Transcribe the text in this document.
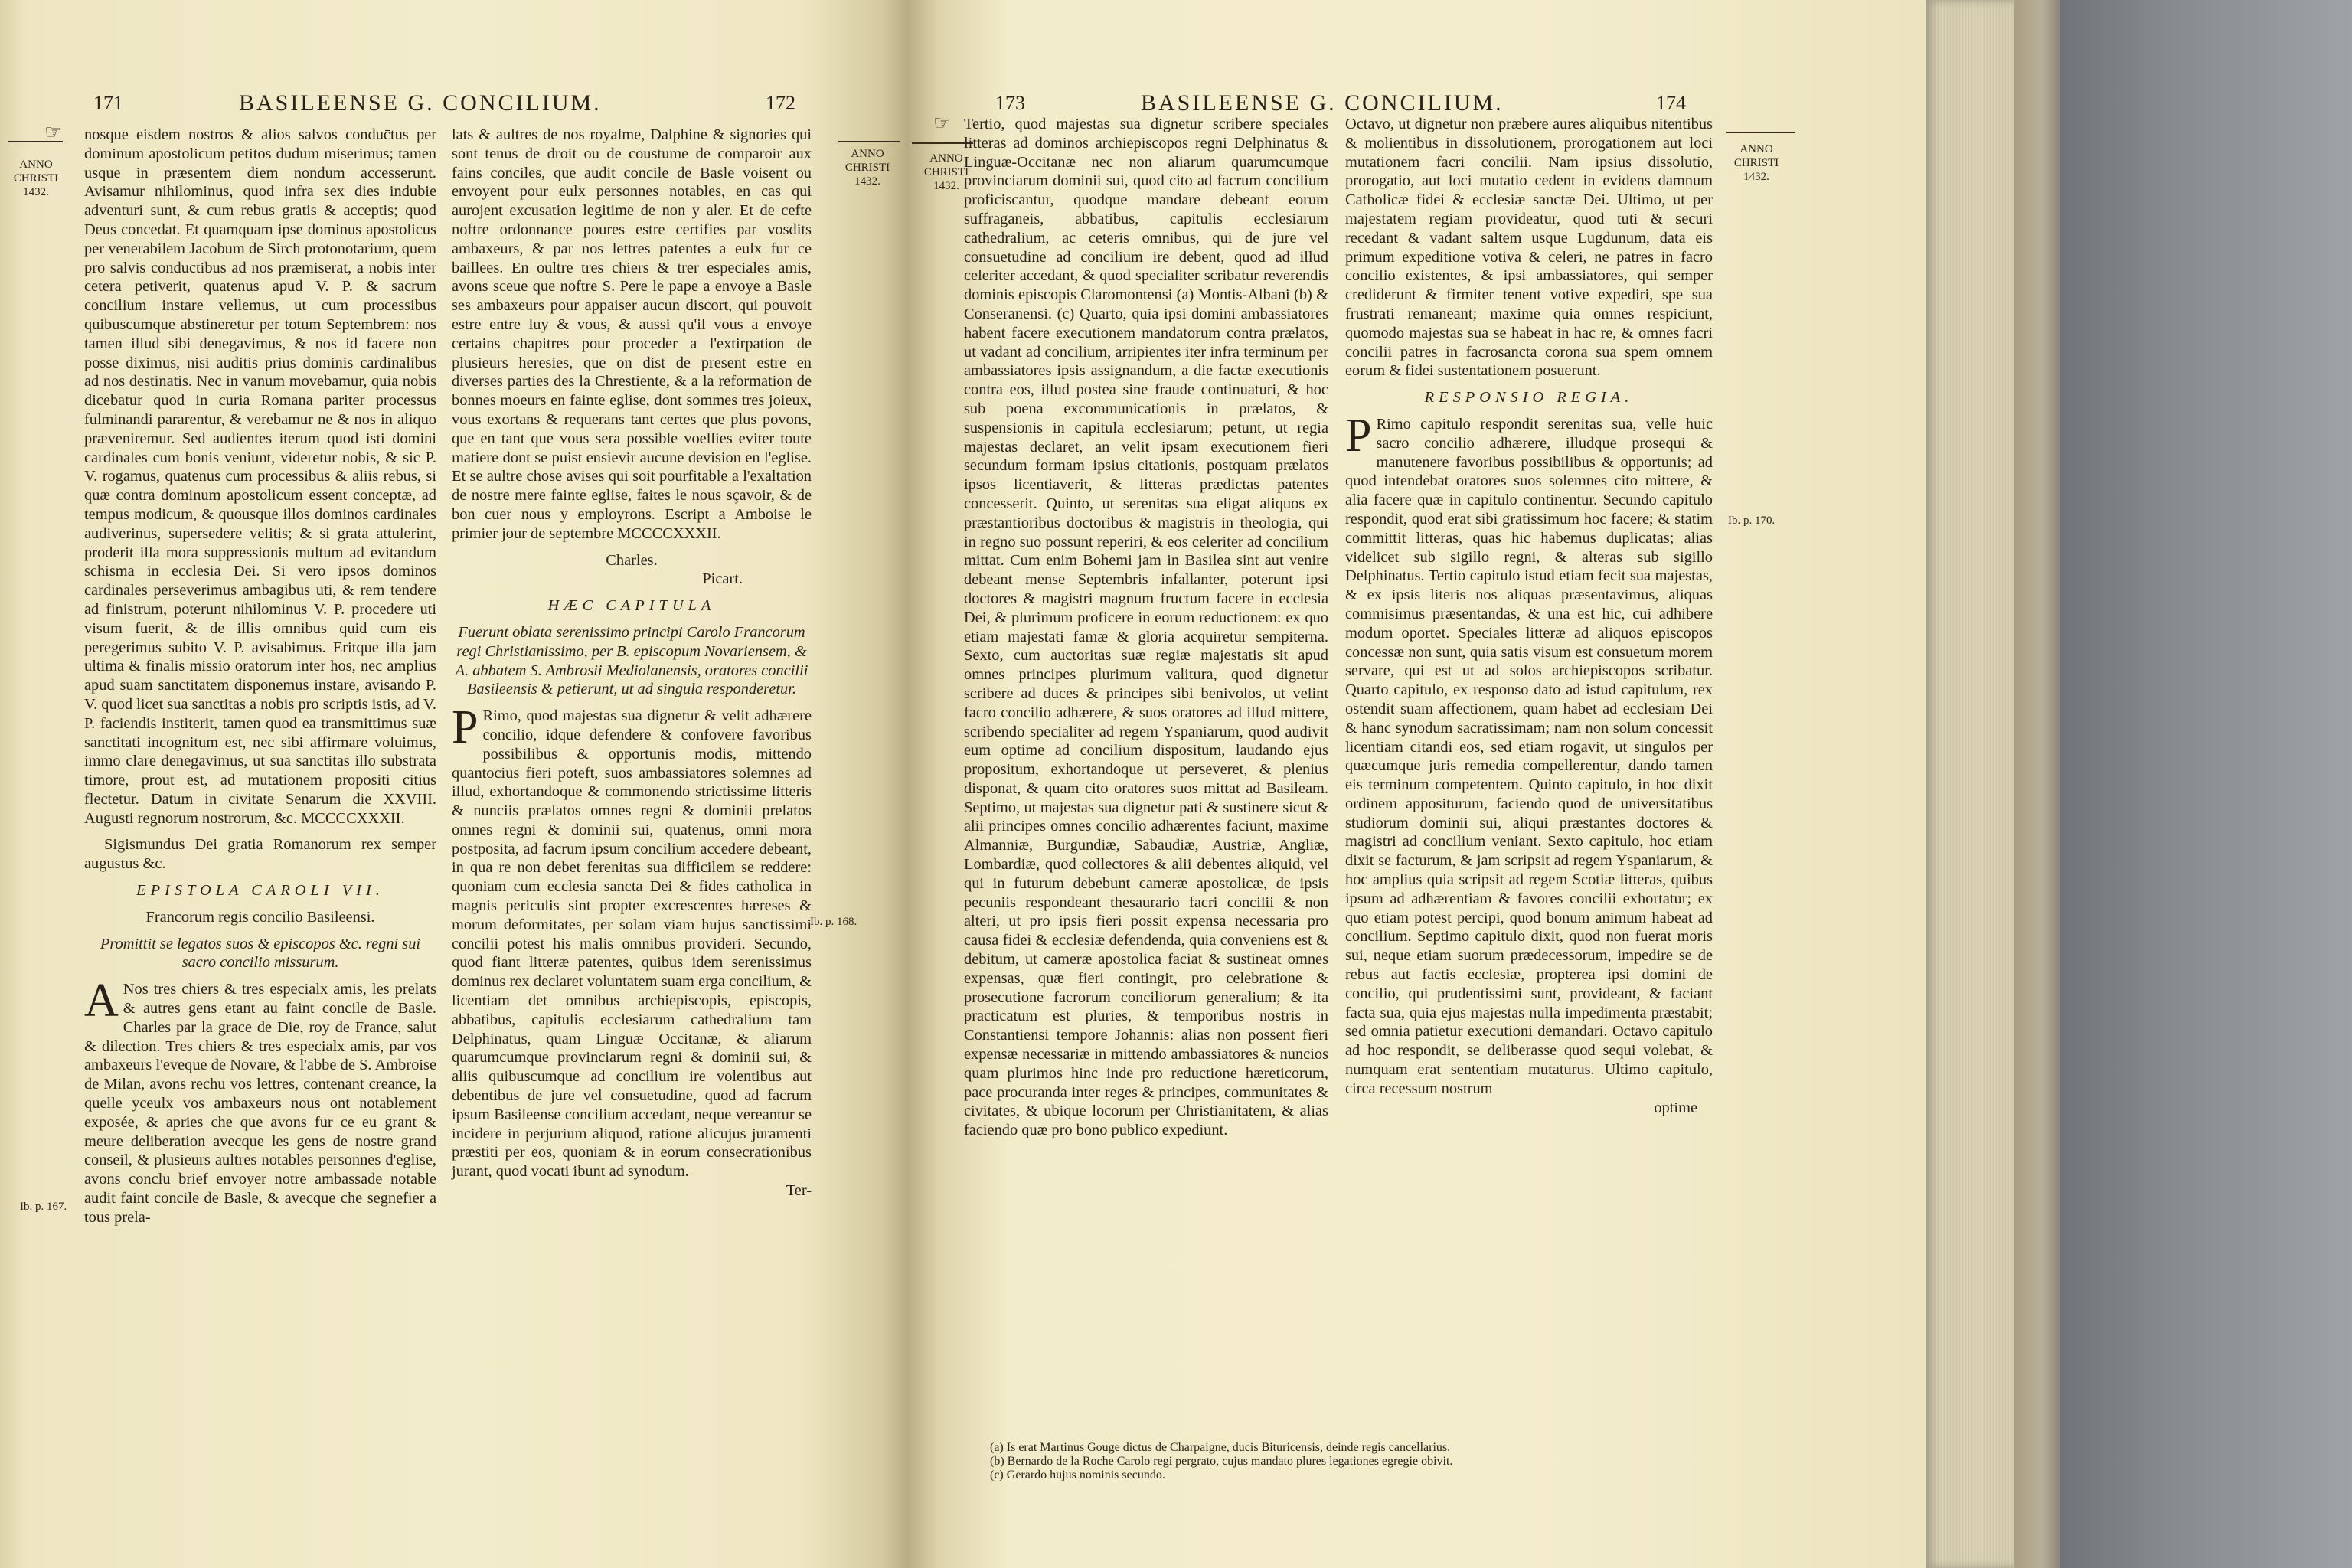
171	BASILEENSE G. CONCILIUM.	172
☞
ANNO
CHRISTI
1432.
ANNO
CHRISTI
1432.
Ib. p. 167.
Ib. p. 168.

nosque eisdem nostros & alios salvos conduc̄tus per dominum apostolicum petitos dudum miserimus; tamen usque in præsentem diem nondum accesserunt. Avisamur nihilominus, quod infra sex dies indubie adventuri sunt, & cum rebus gratis & acceptis; quod Deus concedat. Et quamquam ipse dominus apostolicus per venerabilem Jacobum de Sirch protonotarium, quem pro salvis conductibus ad nos præmiserat, a nobis inter cetera petiverit, quatenus apud V. P. & sacrum concilium instare vellemus, ut cum processibus quibuscumque abstineretur per totum Septembrem: nos tamen illud sibi denegavimus, & nos id facere non posse diximus, nisi auditis prius dominis cardinalibus ad nos destinatis. Nec in vanum movebamur, quia nobis dicebatur quod in curia Romana pariter processus fulminandi pararentur, & verebamur ne & nos in aliquo præveniremur. Sed audientes iterum quod isti domini cardinales cum bonis veniunt, videretur nobis, & sic P. V. rogamus, quatenus cum processibus & aliis rebus, si quæ contra dominum apostolicum essent conceptæ, ad tempus modicum, & quousque illos dominos cardinales audiverinus, supersedere velitis; & si grata attulerint, proderit illa mora suppressionis multum ad evitandum schisma in ecclesia Dei. Si vero ipsos dominos cardinales perseverimus ambagibus uti, & rem tendere ad finistrum, poterunt nihilominus V. P. procedere uti visum fuerit, & de illis omnibus quid cum eis peregerimus subito V. P. avisabimus. Eritque illa jam ultima & finalis missio oratorum inter hos, nec amplius apud suam sanctitatem disponemus instare, avisando P. V. quod licet sua sanctitas a nobis pro scriptis istis, ad V. P. faciendis institerit, tamen quod ea transmittimus suæ sanctitati incognitum est, nec sibi affirmare voluimus, immo clare denegavimus, ut sua sanctitas illo substrata timore, prout est, ad mutationem propositi citius flectetur. Datum in civitate Senarum die XXVIII. Augusti regnorum nostrorum, &c. MCCCCXXXII.

Sigismundus Dei gratia Romanorum rex semper augustus &c.

EPISTOLA CAROLI VII.

Francorum regis concilio Basileensi.

Promittit se legatos suos & episcopos &c. regni sui sacro concilio missurum.

A Nos tres chiers & tres especialx amis, les prelats & autres gens etant au faint concile de Basle. Charles par la grace de Die, roy de France, salut & dilection. Tres chiers & tres especialx amis, par vos ambaxeurs l'eveque de Novare, & l'abbe de S. Ambroise de Milan, avons rechu vos lettres, contenant creance, la quelle yceulx vos ambaxeurs nous ont notablement exposée, & apries che que avons fur ce eu grant & meure deliberation avecque les gens de nostre grand conseil, & plusieurs aultres notables personnes d'eglise, avons conclu brief envoyer notre ambassade notable audit faint concile de Basle, & avecque che segnefier a tous prela-

lats & aultres de nos royalme, Dalphine & signories qui sont tenus de droit ou de coustume de comparoir aux fains conciles, que audit concile de Basle voisent ou envoyent pour eulx personnes notables, en cas qui aurojent excusation legitime de non y aler. Et de cefte noftre ordonnance poures estre certifies par vosdits ambaxeurs, & par nos lettres patentes a eulx fur ce baillees. En oultre tres chiers & trer especiales amis, avons sceue que noftre S. Pere le pape a envoye a Basle ses ambaxeurs pour appaiser aucun discort, qui pouvoit estre entre luy & vous, & aussi qu'il vous a envoye certains chapitres pour proceder a l'extirpation de plusieurs heresies, que on dist de present estre en diverses parties des la Chrestiente, & a la reformation de bonnes moeurs en fainte eglise, dont sommes tres joieux, vous exortans & requerans tant certes que plus povons, que en tant que vous sera possible voellies eviter toute matiere dont se puist ensievir aucune devision en l'eglise. Et se aultre chose avises qui soit pourfitable a l'exaltation de nostre mere fainte eglise, faites le nous sçavoir, & de bon cuer nous y employrons. Escript a Amboise le primier jour de septembre MCCCCXXXII.

Charles.

Picart.

HÆC CAPITULA

Fuerunt oblata serenissimo principi Carolo Francorum regi Christianissimo, per B. episcopum Novariensem, & A. abbatem S. Ambrosii Mediolanensis, oratores concilii Basileensis & petierunt, ut ad singula responderetur.

P Rimo, quod majestas sua dignetur & velit adhærere concilio, idque defendere & confovere favoribus possibilibus & opportunis modis, mittendo quantocius fieri poteft, suos ambassiatores solemnes ad illud, exhortandoque & commonendo strictissime litteris & nunciis prælatos omnes regni & dominii prelatos omnes regni & dominii sui, quatenus, omni mora postposita, ad facrum ipsum concilium accedere debeant, in qua re non debet ferenitas sua difficilem se reddere: quoniam cum ecclesia sancta Dei & fides catholica in magnis periculis sint propter excrescentes hæreses & morum deformitates, per solam viam hujus sanctissimi concilii potest his malis omnibus provideri. Secundo, quod fiant litteræ patentes, quibus idem serenissimus dominus rex declaret voluntatem suam erga concilium, & licentiam det omnibus archiepiscopis, episcopis, abbatibus, capitulis ecclesiarum cathedralium tam Delphinatus, quam Linguæ Occitanæ, & aliarum quarumcumque provinciarum regni & dominii sui, & aliis quibuscumque ad concilium ire volentibus aut debentibus de jure vel consuetudine, quod ad facrum ipsum Basileense concilium accedant, neque vereantur se incidere in perjurium aliquod, ratione alicujus juramenti præstiti per eos, quoniam & in eorum consecrationibus jurant, quod vocati ibunt ad synodum.

Ter-

173	BASILEENSE G. CONCILIUM.	174
☞
ANNO
CHRISTI
1432.
ANNO
CHRISTI
1432.
Ib. p. 170.

Tertio, quod majestas sua dignetur scribere speciales litteras ad dominos archiepiscopos regni Delphinatus & Linguæ-Occitanæ nec non aliarum quarumcumque provinciarum dominii sui, quod cito ad facrum concilium proficiscantur, quodque mandare debeant eorum suffraganeis, abbatibus, capitulis ecclesiarum cathedralium, ac ceteris omnibus, qui de jure vel consuetudine ad concilium ire debent, quod ad illud celeriter accedant, & quod specialiter scribatur reverendis dominis episcopis Claromontensi (a) Montis-Albani (b) & Conseranensi. (c) Quarto, quia ipsi domini ambassiatores habent facere executionem mandatorum contra prælatos, ut vadant ad concilium, arripientes iter infra terminum per ambassiatores ipsis assignandum, a die factæ executionis contra eos, illud postea sine fraude continuaturi, & hoc sub poena excommunicationis in prælatos, & suspensionis in capitula ecclesiarum; petunt, ut regia majestas declaret, an velit ipsam executionem fieri secundum formam ipsius citationis, postquam prælatos ipsos licentiaverit, & litteras prædictas patentes concesserit. Quinto, ut serenitas sua eligat aliquos ex præstantioribus doctoribus & magistris in theologia, qui in regno suo possunt reperiri, & eos celeriter ad concilium mittat. Cum enim Bohemi jam in Basilea sint aut venire debeant mense Septembris infallanter, poterunt ipsi doctores & magistri magnum fructum facere in ecclesia Dei, & plurimum proficere in eorum reductionem: ex quo etiam majestati famæ & gloria acquiretur sempiterna. Sexto, cum auctoritas suæ regiæ majestatis sit apud omnes principes plurimum valitura, quod dignetur scribere ad duces & principes sibi benivolos, ut velint facro concilio adhærere, & suos oratores ad illud mittere, scribendo specialiter ad regem Yspaniarum, quod audivit eum optime ad concilium dispositum, laudando ejus propositum, exhortandoque ut perseveret, & plenius disponat, & quam cito oratores suos mittat ad Basileam. Septimo, ut majestas sua dignetur pati & sustinere sicut & alii principes omnes concilio adhærentes faciunt, maxime Almanniæ, Burgundiæ, Sabaudiæ, Austriæ, Angliæ, Lombardiæ, quod collectores & alii debentes aliquid, vel qui in futurum debebunt cameræ apostolicæ, de ipsis pecuniis respondeant thesaurario facri concilii & non alteri, ut pro ipsis fieri possit expensa necessaria pro causa fidei & ecclesiæ defendenda, quia conveniens est & debitum, ut cameræ apostolica faciat & sustineat omnes expensas, quæ fieri contingit, pro celebratione & prosecutione facrorum conciliorum generalium; & ita practicatum est pluries, & temporibus nostris in Constantiensi tempore Johannis: alias non possent fieri expensæ necessariæ in mittendo ambassiatores & nuncios quam plurimos hinc inde pro reductione hæreticorum, pace procuranda inter reges & principes, communitates & civitates, & ubique locorum per Christianitatem, & alias faciendo quæ pro bono publico expediunt.

Octavo, ut dignetur non præbere aures aliquibus nitentibus & molientibus in dissolutionem, prorogationem aut loci mutationem facri concilii. Nam ipsius dissolutio, prorogatio, aut loci mutatio cedent in evidens damnum Catholicæ fidei & ecclesiæ sanctæ Dei. Ultimo, ut per majestatem regiam provideatur, quod tuti & securi recedant & vadant saltem usque Lugdunum, data eis primum expeditione votiva & celeri, ne patres in facro concilio existentes, & ipsi ambassiatores, qui semper crediderunt & firmiter tenent votive expediri, spe sua frustrati remaneant; maxime quia omnes respiciunt, quomodo majestas sua se habeat in hac re, & omnes facri concilii patres in facrosancta corona sua spem omnem eorum & fidei sustentationem posuerunt.

RESPONSIO REGIA.

P Rimo capitulo respondit serenitas sua, velle huic sacro concilio adhærere, illudque prosequi & manutenere favoribus possibilibus & opportunis; ad quod intendebat oratores suos solemnes cito mittere, & alia facere quæ in capitulo continentur. Secundo capitulo respondit, quod erat sibi gratissimum hoc facere; & statim committit litteras, quas hic habemus duplicatas; alias videlicet sub sigillo regni, & alteras sub sigillo Delphinatus. Tertio capitulo istud etiam fecit sua majestas, & ex ipsis literis nos aliquas præsentavimus, aliquas commisimus præsentandas, & una est hic, cui adhibere modum oportet. Speciales litteræ ad aliquos episcopos concessæ non sunt, quia satis visum est consuetum morem servare, qui est ut ad solos archiepiscopos scribatur. Quarto capitulo, ex responso dato ad istud capitulum, rex ostendit suam affectionem, quam habet ad ecclesiam Dei & hanc synodum sacratissimam; nam non solum concessit licentiam citandi eos, sed etiam rogavit, ut singulos per quæcumque juris remedia compellerentur, dando tamen eis terminum competentem. Quinto capitulo, in hoc dixit ordinem appositurum, faciendo quod de universitatibus studiorum dominii sui, aliqui præstantes doctores & magistri ad concilium veniant. Sexto capitulo, hoc etiam dixit se facturum, & jam scripsit ad regem Yspaniarum, & hoc amplius quia scripsit ad regem Scotiæ litteras, quibus ipsum ad adhærentiam & favores concilii exhortatur; ex quo etiam potest percipi, quod bonum animum habeat ad concilium. Septimo capitulo dixit, quod non fuerat moris sui, neque etiam suorum prædecessorum, impedire se de rebus aut factis ecclesiæ, propterea ipsi domini de concilio, qui prudentissimi sunt, provideant, & faciant facta sua, quia ejus majestas nulla impedimenta præstabit; sed omnia patietur executioni demandari. Octavo capitulo ad hoc respondit, se deliberasse quod sequi volebat, & numquam erat sententiam mutaturus. Ultimo capitulo, circa recessum nostrum

optime

(a) Is erat Martinus Gouge dictus de Charpaigne, ducis Bituricensis, deinde regis cancellarius.
(b) Bernardo de la Roche Carolo regi pergrato, cujus mandato plures legationes egregie obivit.
(c) Gerardo hujus nominis secundo.
